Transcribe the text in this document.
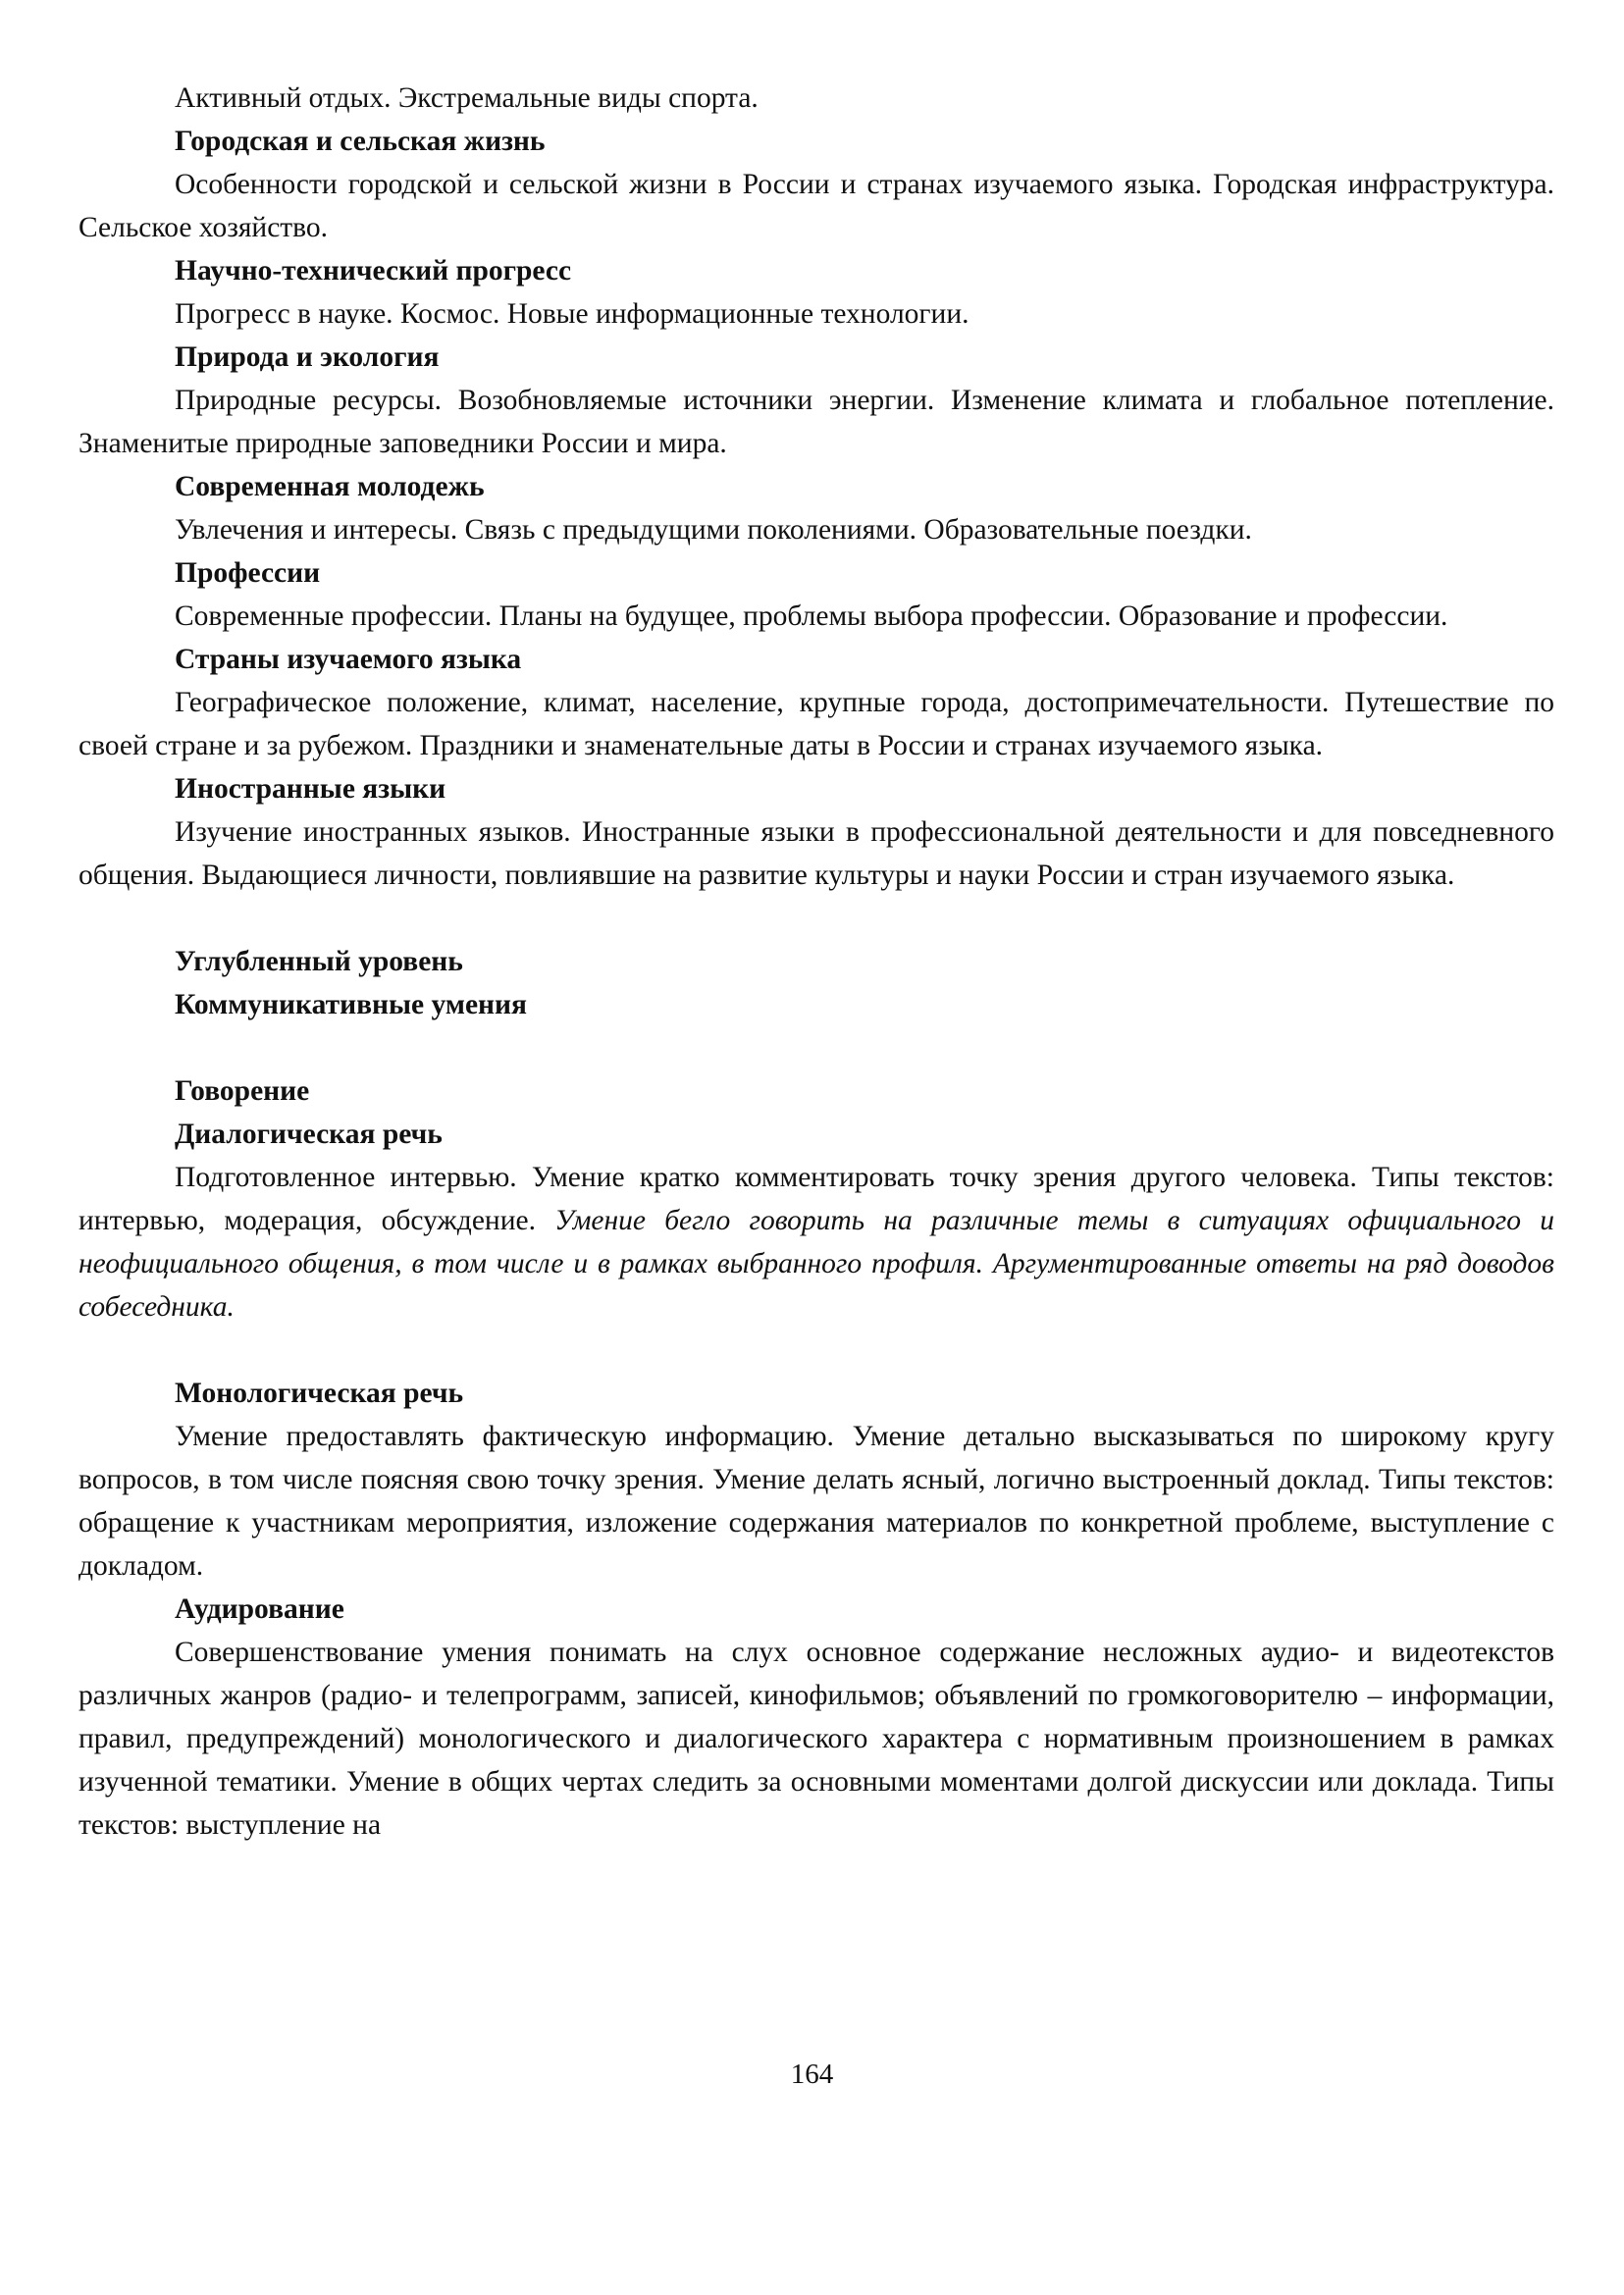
Активный отдых. Экстремальные виды спорта.

Городская и сельская жизнь

Особенности городской и сельской жизни в России и странах изучаемого языка. Городская инфраструктура. Сельское хозяйство.

Научно-технический прогресс

Прогресс в науке. Космос. Новые информационные технологии.

Природа и экология

Природные ресурсы. Возобновляемые источники энергии. Изменение климата и глобальное потепление. Знаменитые природные заповедники России и мира.

Современная молодежь

Увлечения и интересы. Связь с предыдущими поколениями. Образовательные поездки.

Профессии

Современные профессии. Планы на будущее, проблемы выбора профессии. Образование и профессии.

Страны изучаемого языка

Географическое положение, климат, население, крупные города, достопримечательности. Путешествие по своей стране и за рубежом. Праздники и знаменательные даты в России и странах изучаемого языка.

Иностранные языки

Изучение иностранных языков. Иностранные языки в профессиональной деятельности и для повседневного общения. Выдающиеся личности, повлиявшие на развитие культуры и науки России и стран изучаемого языка.

Углубленный уровень

Коммуникативные умения

Говорение

Диалогическая речь

Подготовленное интервью. Умение кратко комментировать точку зрения другого человека. Типы текстов: интервью, модерация, обсуждение. Умение бегло говорить на различные темы в ситуациях официального и неофициального общения, в том числе и в рамках выбранного профиля. Аргументированные ответы на ряд доводов собеседника.

Монологическая речь

Умение предоставлять фактическую информацию. Умение детально высказываться по широкому кругу вопросов, в том числе поясняя свою точку зрения. Умение делать ясный, логично выстроенный доклад. Типы текстов: обращение к участникам мероприятия, изложение содержания материалов по конкретной проблеме, выступление с докладом.

Аудирование

Совершенствование умения понимать на слух основное содержание несложных аудио- и видеотекстов различных жанров (радио- и телепрограмм, записей, кинофильмов; объявлений по громкоговорителю – информации, правил, предупреждений) монологического и диалогического характера с нормативным произношением в рамках изученной тематики. Умение в общих чертах следить за основными моментами долгой дискуссии или доклада. Типы текстов: выступление на

164
